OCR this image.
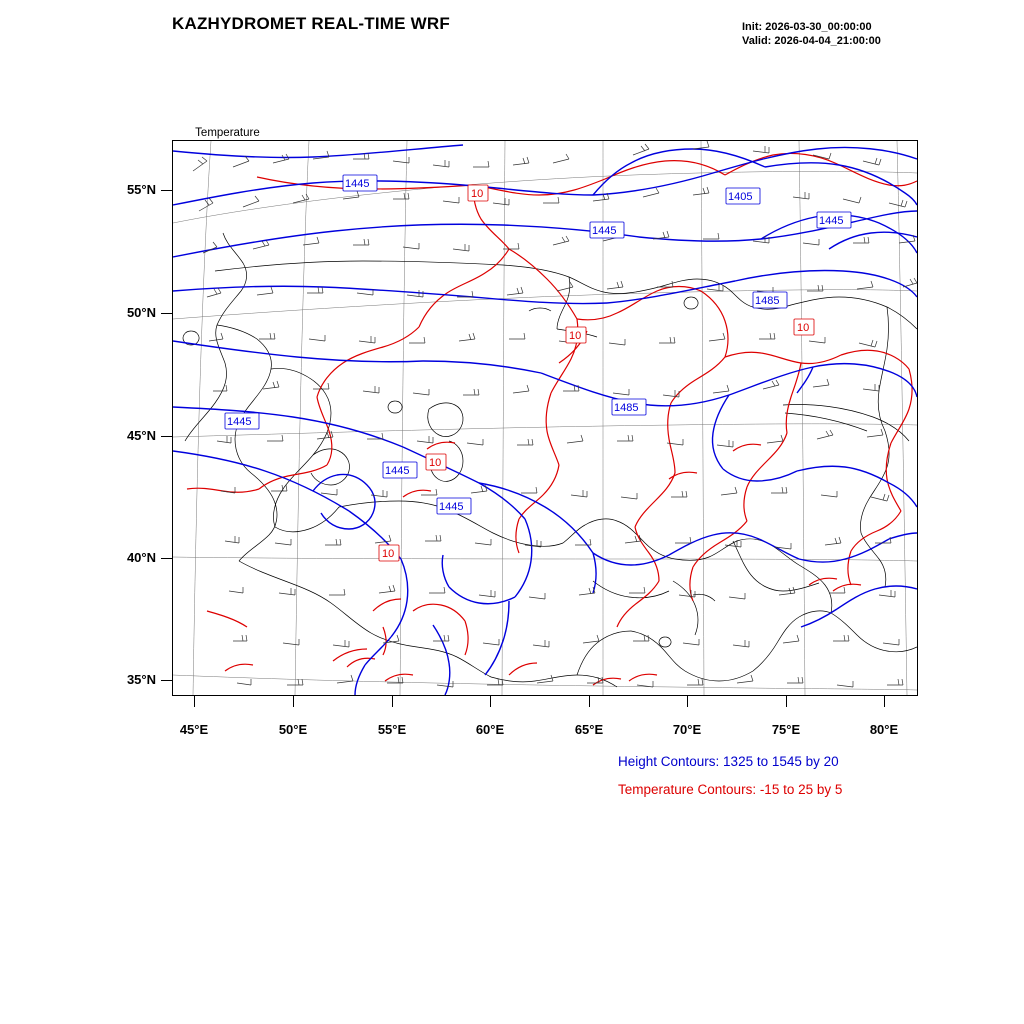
KAZHYDROMET REAL-TIME WRF	Init: 2026-03-30_00:00:00
Valid: 2026-04-04_21:00:00

Temperature

55°N
50°N
45°N
40°N
35°N
45°E	50°E	55°E	60°E	65°E	70°E	75°E	80°E
Height Contours: 1325 to 1545 by 20
Temperature Contours: -15 to 25 by 5
1445
1405
1445
1445
1485
1485
1445
1445
1445
10
10
10
10
10
